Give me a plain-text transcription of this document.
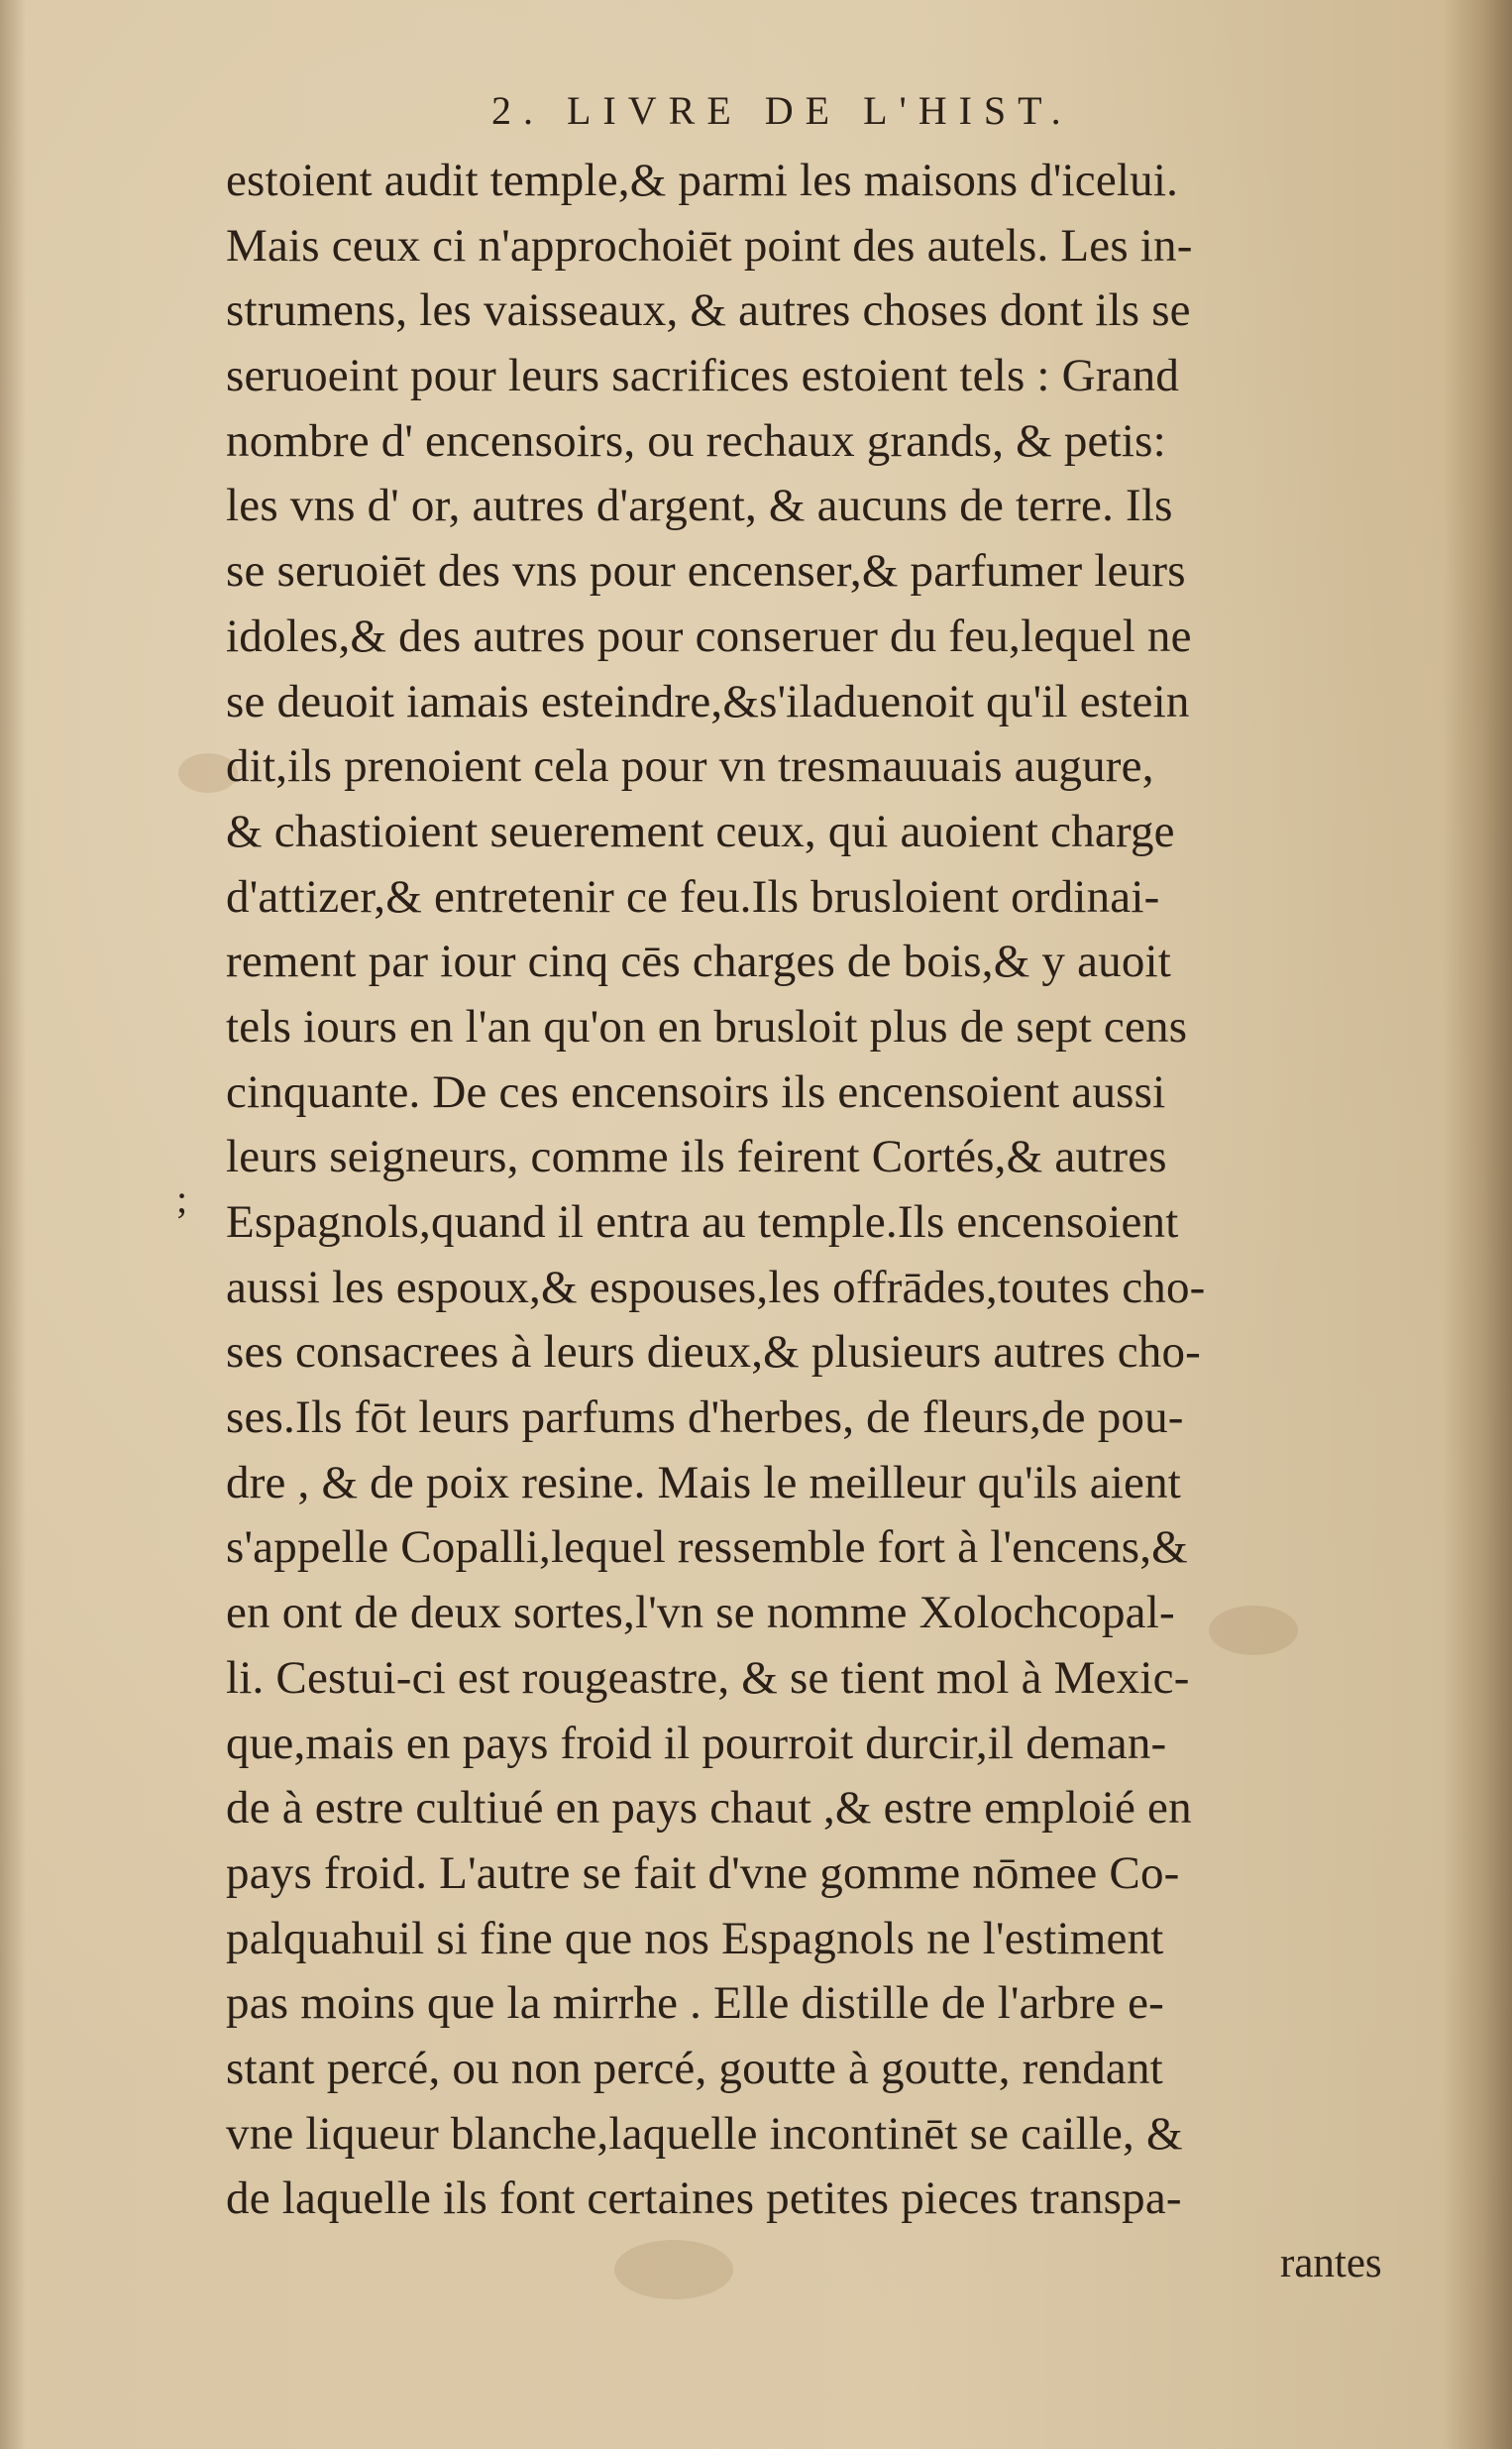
2. LIVRE DE L'HIST.

;

estoient audit temple,& parmi les maisons d'icelui.

Mais ceux ci n'approchoiēt point des autels. Les in-

strumens, les vaisseaux, & autres choses dont ils se

seruoeint pour leurs sacrifices estoient tels : Grand

nombre d' encensoirs, ou rechaux grands, & petis:

les vns d' or, autres d'argent, & aucuns de terre. Ils

se seruoiēt des vns pour encenser,& parfumer leurs

idoles,& des autres pour conseruer du feu,lequel ne

se deuoit iamais esteindre,&s'iladuenoit qu'il estein

dit,ils prenoient cela pour vn tresmauuais augure,

& chastioient seuerement ceux, qui auoient charge

d'attizer,& entretenir ce feu.Ils brusloient ordinai-

rement par iour cinq cēs charges de bois,& y auoit

tels iours en l'an qu'on en brusloit plus de sept cens

cinquante. De ces encensoirs ils encensoient aussi

leurs seigneurs, comme ils feirent Cortés,& autres

Espagnols,quand il entra au temple.Ils encensoient

aussi les espoux,& espouses,les offrādes,toutes cho-

ses consacrees à leurs dieux,& plusieurs autres cho-

ses.Ils fōt leurs parfums d'herbes, de fleurs,de pou-

dre , & de poix resine. Mais le meilleur qu'ils aient

s'appelle Copalli,lequel ressemble fort à l'encens,&

en ont de deux sortes,l'vn se nomme Xolochcopal-

li. Cestui-ci est rougeastre, & se tient mol à Mexic-

que,mais en pays froid il pourroit durcir,il deman-

de à estre cultiué en pays chaut ,& estre emploié en

pays froid. L'autre se fait d'vne gomme nōmee Co-

palquahuil si fine que nos Espagnols ne l'estiment

pas moins que la mirrhe . Elle distille de l'arbre e-

stant percé, ou non percé, goutte à goutte, rendant

vne liqueur blanche,laquelle incontinēt se caille, &

de laquelle ils font certaines petites pieces transpa-

rantes
